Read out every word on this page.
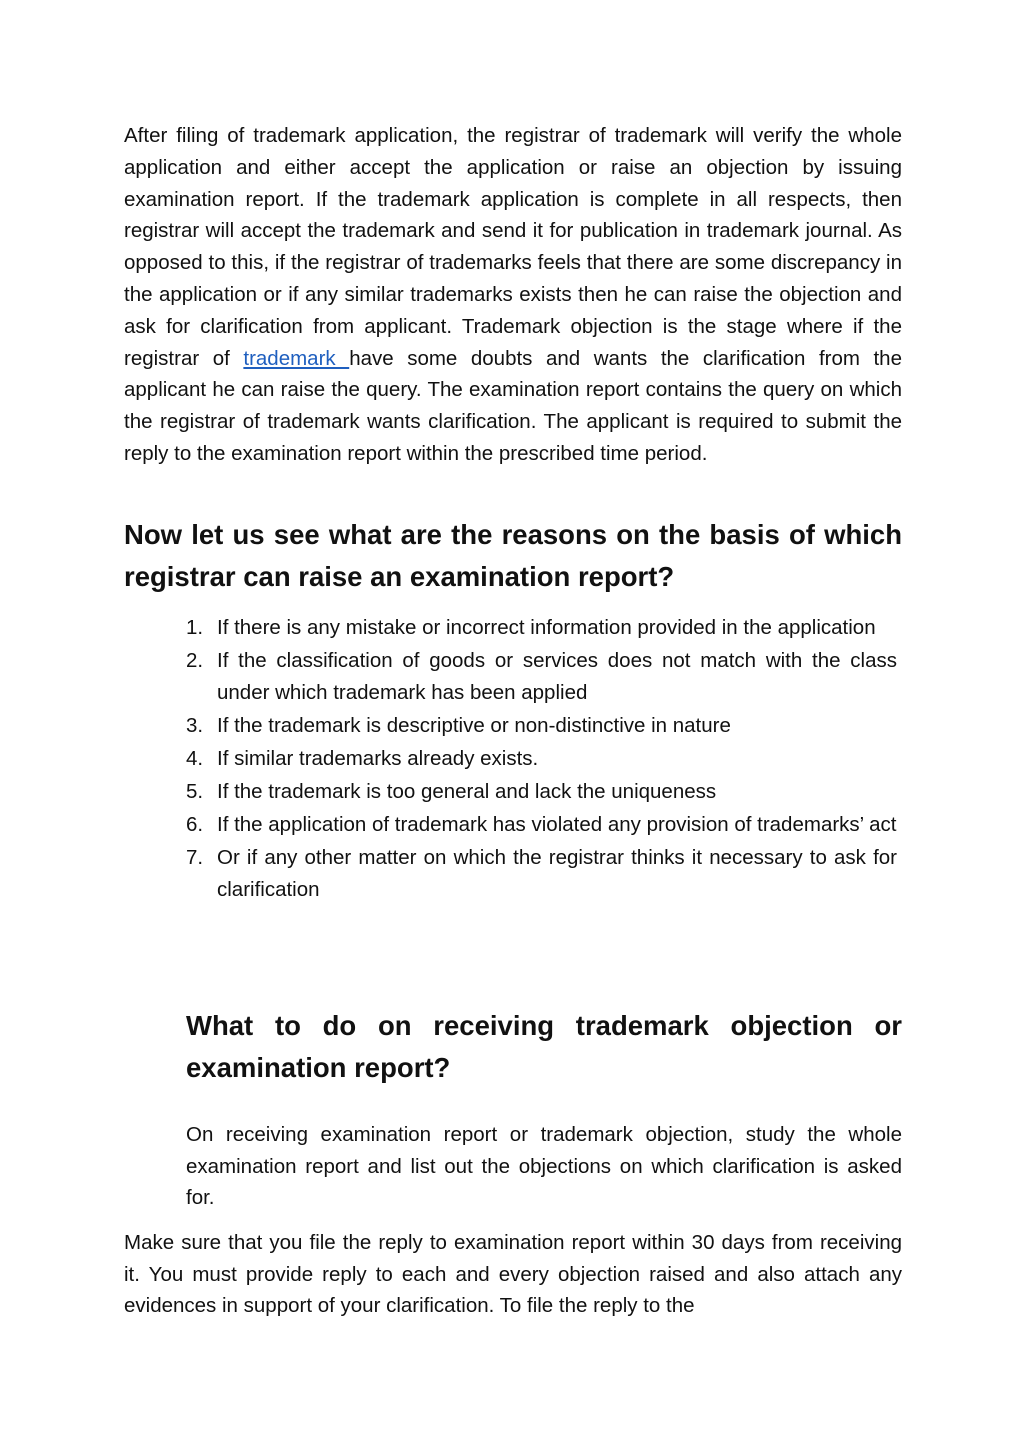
After filing of trademark application, the registrar of trademark will verify the whole application and either accept the application or raise an objection by issuing examination report. If the trademark application is complete in all respects, then registrar will accept the trademark and send it for publication in trademark journal. As opposed to this, if the registrar of trademarks feels that there are some discrepancy in the application or if any similar trademarks exists then he can raise the objection and ask for clarification from applicant. Trademark objection is the stage where if the registrar of trademark have some doubts and wants the clarification from the applicant he can raise the query. The examination report contains the query on which the registrar of trademark wants clarification. The applicant is required to submit the reply to the examination report within the prescribed time period.

Now let us see what are the reasons on the basis of which registrar can raise an examination report?
1. If there is any mistake or incorrect information provided in the application
2. If the classification of goods or services does not match with the class under which trademark has been applied
3. If the trademark is descriptive or non-distinctive in nature
4. If similar trademarks already exists.
5. If the trademark is too general and lack the uniqueness
6. If the application of trademark has violated any provision of trademarks’ act
7. Or if any other matter on which the registrar thinks it necessary to ask for clarification
What to do on receiving trademark objection or examination report?

On receiving examination report or trademark objection, study the whole examination report and list out the objections on which clarification is asked for.

Make sure that you file the reply to examination report within 30 days from receiving it. You must provide reply to each and every objection raised and also attach any evidences in support of your clarification. To file the reply to the
